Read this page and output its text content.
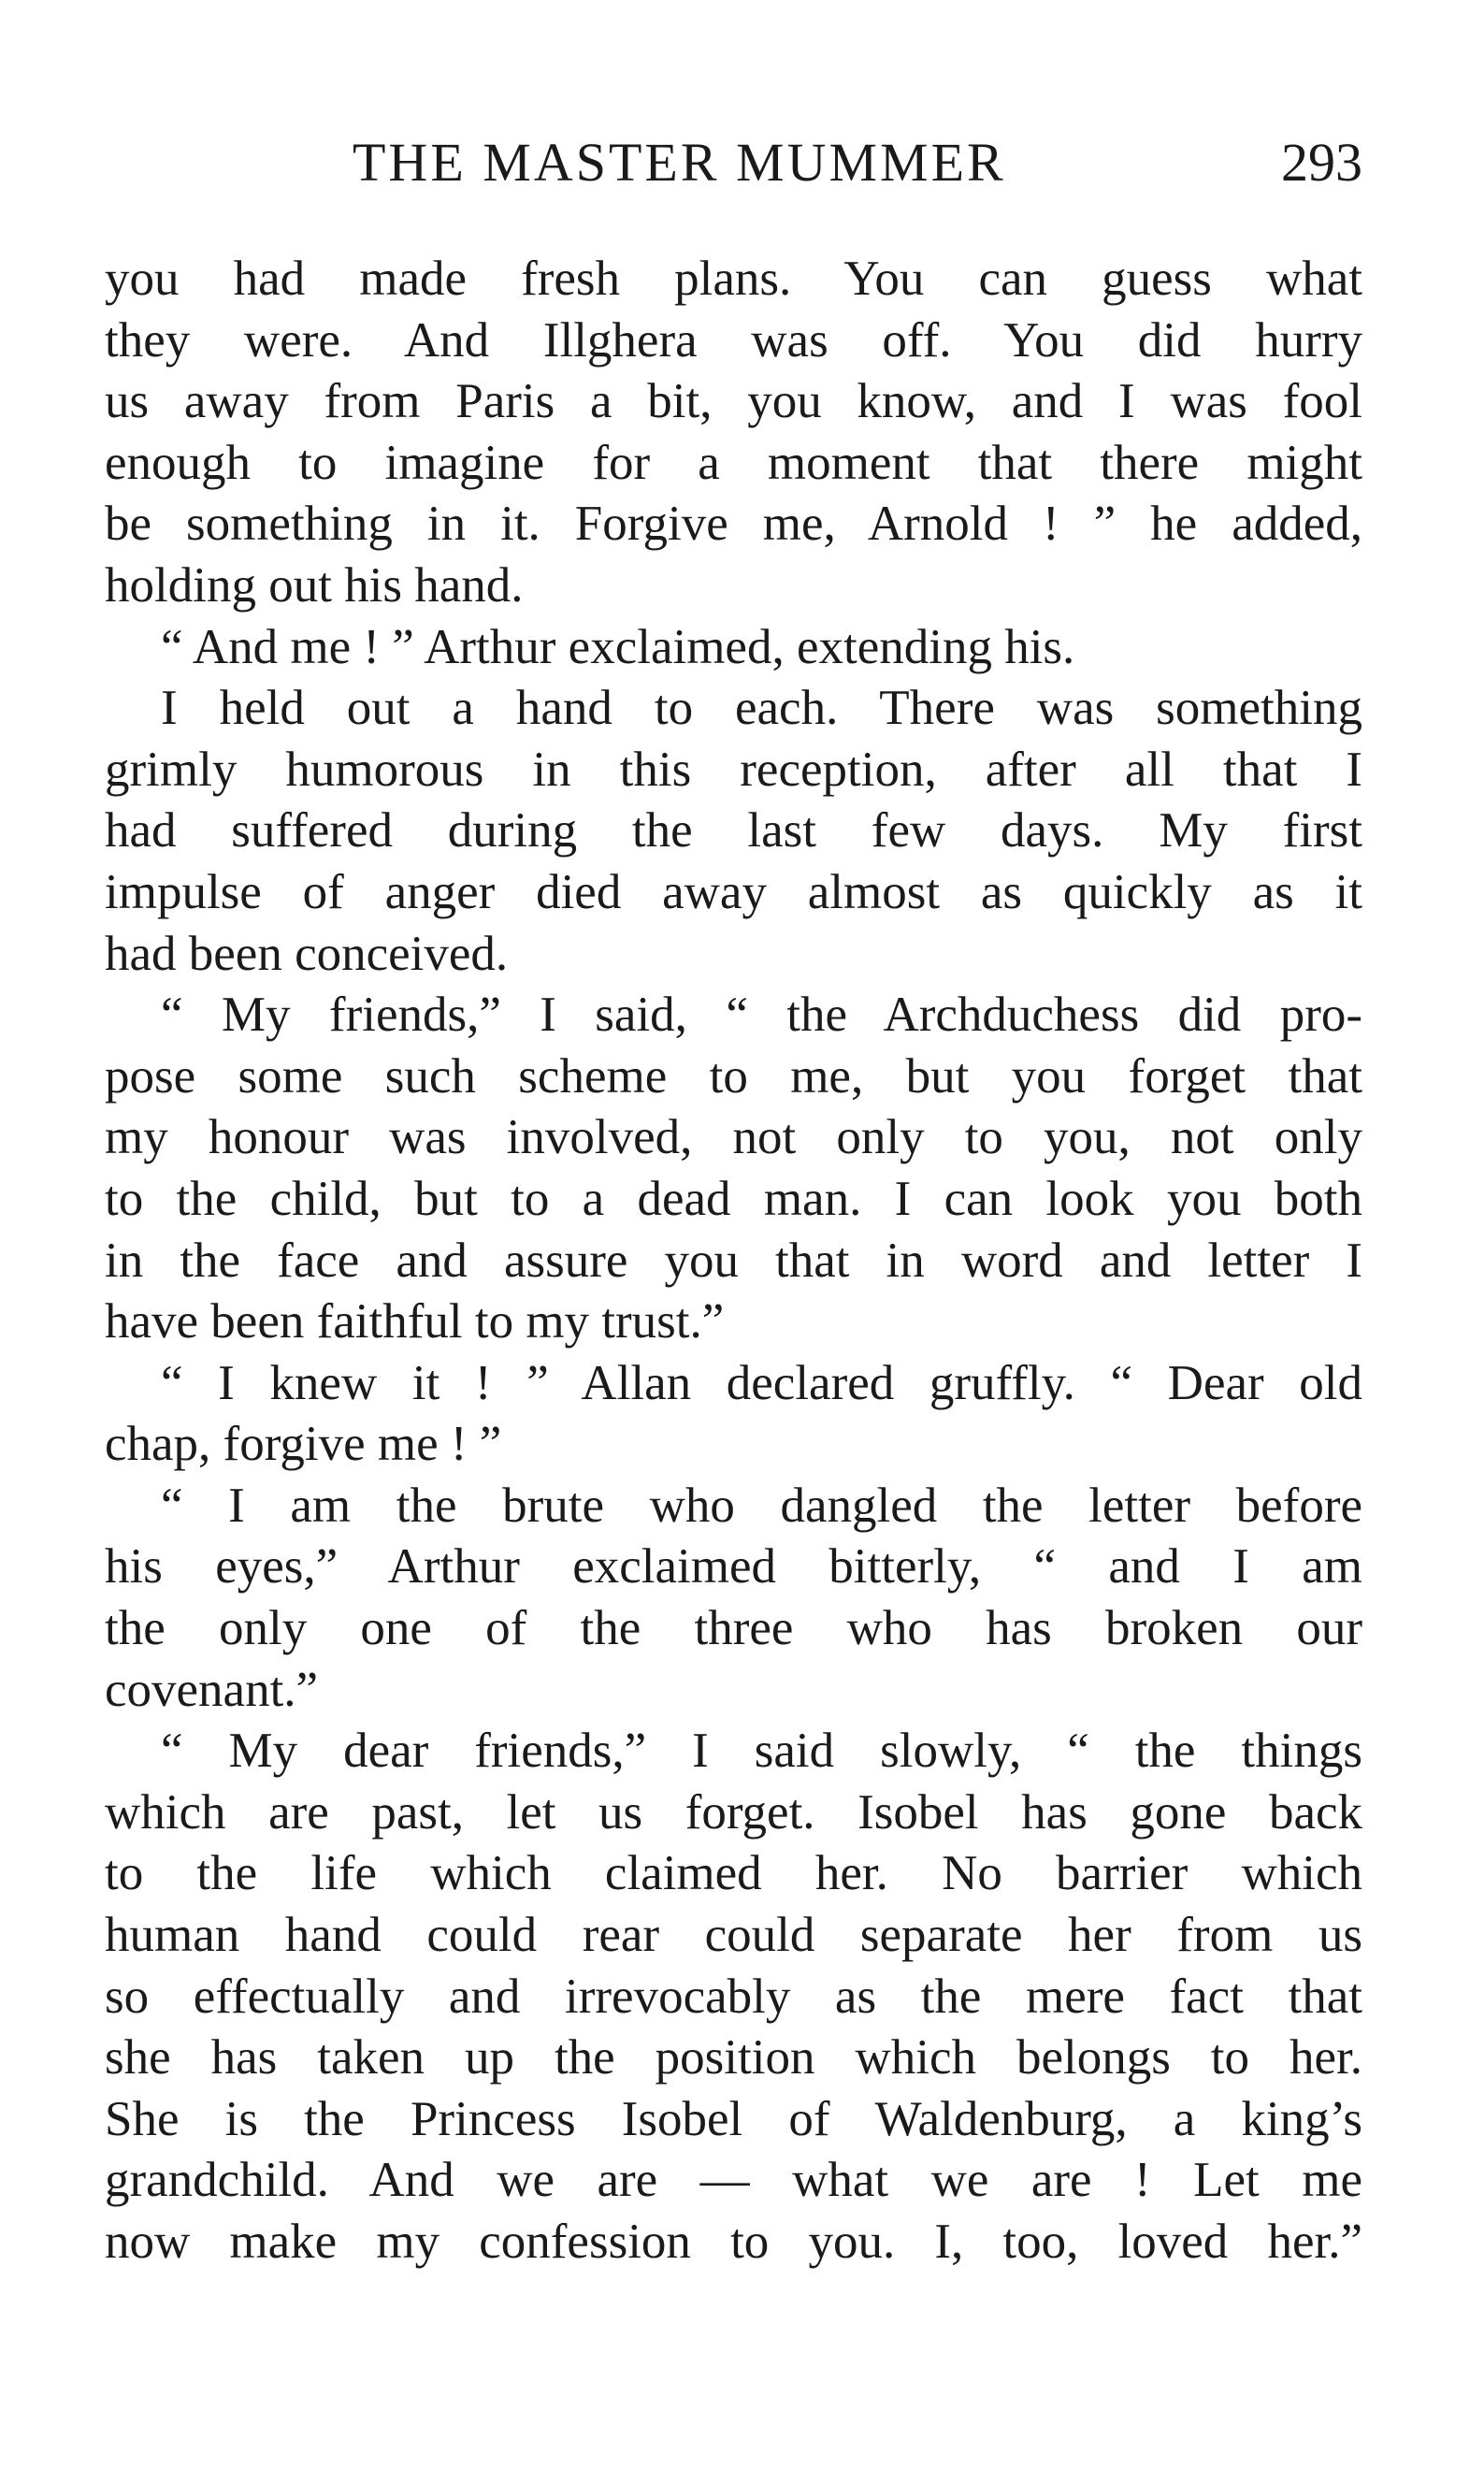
THE MASTER MUMMER	293
you had made fresh plans. You can guess what
they were. And Illghera was off. You did hurry
us away from Paris a bit, you know, and I was fool
enough to imagine for a moment that there might
be something in it. Forgive me, Arnold ! ” he added,
holding out his hand.
“ And me ! ” Arthur exclaimed, extending his.
I held out a hand to each. There was something
grimly humorous in this reception, after all that I
had suffered during the last few days. My first
impulse of anger died away almost as quickly as it
had been conceived.
“ My friends,” I said, “ the Archduchess did pro-
pose some such scheme to me, but you forget that
my honour was involved, not only to you, not only
to the child, but to a dead man. I can look you both
in the face and assure you that in word and letter I
have been faithful to my trust.”
“ I knew it ! ” Allan declared gruffly. “ Dear old
chap, forgive me ! ”
“ I am the brute who dangled the letter before
his eyes,” Arthur exclaimed bitterly, “ and I am
the only one of the three who has broken our
covenant.”
“ My dear friends,” I said slowly, “ the things
which are past, let us forget. Isobel has gone back
to the life which claimed her. No barrier which
human hand could rear could separate her from us
so effectually and irrevocably as the mere fact that
she has taken up the position which belongs to her.
She is the Princess Isobel of Waldenburg, a king’s
grandchild. And we are — what we are ! Let me
now make my confession to you. I, too, loved her.”
